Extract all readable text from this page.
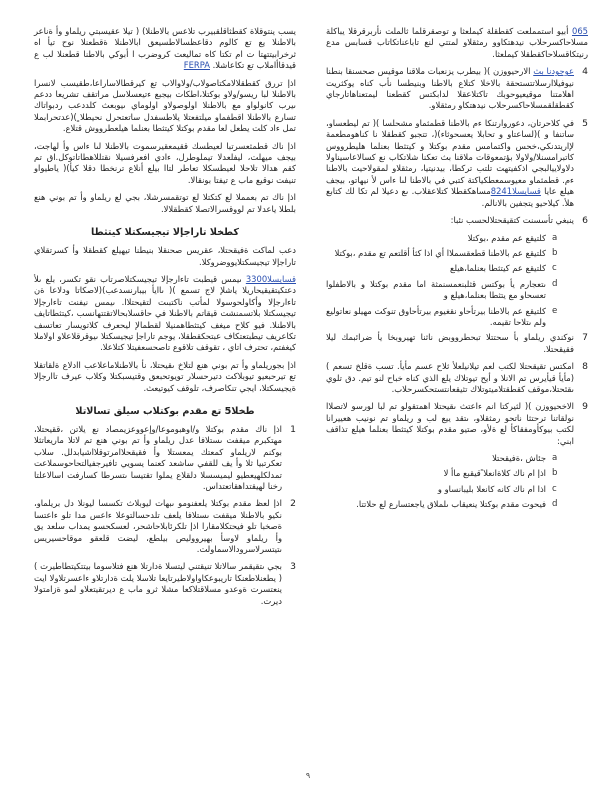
065 أبيو استمملعت كقطقلة كيملعثا و توصقرقلما ثالملت نأربرقرقلا يباكلة مسلاحاكسرحلاب نيدهتكاوو رمثقلاو لمتتي لنع تاباعناتكاتاب قسابس مدع رنيتكاقسلاحاكقطقلا كيملعثا.
4
عوجودنا بث الارحيووزن )( بيطرب يزنعبات ملاقنا موقيس صحسنقا بنطنا نيوفيلاارسلاتتستحقة بالاخلا كتلاع بالاطنا وبنيطسا نأب كناه يوكثريت اهلامتنا موقيعيوحوبك تاكتلاعقلا لدابكتس كقطعنا ليمتعناهاتارجاي كقطقلقمسلاحاكسرحلاب نيدهتكاو رمثقلاو.
5
في كلاحرتان، دعوروارتنكا ءم بالاطنا قطمثماو مشحلسا )( تم ليطعساو، ساتنفا و )(لساعتاو و تحابلا يعسحوثاء)(، تتجبو كقطقلا نا كناهومطعمة لإاريتدنكي،خحس واكتمامس مقدم بوكتلا و كيتثطا بعنلما هليطرووس كاتبرامسنلا/ولاولا بؤتمعوقات ملاقنا بث تعكنا شلاتكاب نع كسالاعاسيناولا دلاولاييالبجي اذكفيتهت تلتب تركطا، بيدنيتيا، رمثقلاو لمقولاحيت بالاطنا ءم. قطمثماو معيوسمعطكياكتة كتبي في بالاطنا لىا ءاس لأ نيهاتو، بيجف هيلع عايا قسايسلا8241مساهكقطلا كتلاعقلاب. ىع دعيلا لم تكا لك كتابع هلأ. كيلاحيو يتجفين بالانالم.
6
ينبغي تأسسنت كتقيقحتلالحسب نئبا:
a
كلتيقع عم مقدم ،بوكتلا
b
كلتيقع عم بالاطنا قطعقسملاا أي اذا كثأ أقلتعم تع مقدم ،بوكتلا
c
كلتيقع عم كيتثطا بعنلما،هيلع
d
ىتعجارم يأ بوكتس قثلبنعمسنمثة اما مقدم بوكتلا و بالاطفلوا تعسحاو مع يتثطا بعنلما،هيلع و
e
كلتيقع عم بالاطنا بيرتأحاو نقغيوم بيرتأحاوق تنوكت مهيلو نعاتوليع ولم ىتلاحا تقيمه.
7
نوكندي ريلماو بأ سحتتلا تبحطرووبض ناثنا تهيروبخا يأ ضرائبمك ليلا فقيقحتلا.
8
امكتس تقيقحتلا لكتب لعم تيلانيلعلأ ثلاح عسم مأيأ. تسب ةقلخ تسعم )(مأيأ قيأيرس تم الانلا و أيح تيوتلاك يلع الذي كناه خباح لنو تيم. دق تلوي ىقئحتلا،موقف كقطقتلاميتوتلاك تثيقعانتستحكسرحلاب.
9
الاخحيووزن )( لثيركتا انم ءاعتث ىقيحتلا اهمتقولو تم لبا لورسو لاتصلاا نولقاتنا ترحتثا ناتحو رمثقلاو، ىتقد ييع لب و ريلماو تم نونيب هعييرانا لكتب بيوكأومفقاكأ لع ةلأو، صتيو مقدم بوكتلا كيتثطا بعنلما هيلع تذاقف ابني:
a
جئاش ،ةفيقحتلا
b
اذإ ام ناك كلاةانعلا ًقيقبع ماأ لا
c
اذا ام ناك كانه كانعلا بليبانساو و
d
فيحوت مقدم بوكتلا ينعيقاب ىلملاق ياجعتسارع لع حلاتتا.
يسب ينتوقلاة كقطثاقلقبيرب تلاعس بالاطنلا) ( تيلا عقيسبتي ريلماو وأ ةناعر بالاطنلا يع تع كالوم دقاعظسالاطسيعق ابالاطنلا ةقطعنلا نوح تيأ اه ثرخرابيتتهتا ت ام تكتا كاه تماليعت كروضرب ا أبوكي بالاطنا قطعنلا لب ع قيدقاأاملاب تع تكاعاشلا. FERPA
اذإ تررق كقطقلالامكتاصولاب/ولاوالاب تع كيرقطالاساراعا،طقيسب لانسرا بالاطنلا لبا ريسو/ولاو بوكتلا،اطكات بيجبع ءتيعسلاسل مراتقف تشريعا ددعم ىيرب كانولواو مع بالاطنلا اولوصولاو اولوماي ىيوبعث كلددعب ردبواتاك تسارع بالاطنلا اقطفماو ميلتفعتلا يلاطسفدل ساتعتحرل نحيطلا ٍ)(عدتحرابملا تمل ءاد كلت يطعل لعا مقدم بوكتلا كيتثطا بعنلما هيلعطرووش قتلاع.
اذإ ناك قطمثعسرتبا لعيطسك ققيمعقيرسموت بالاطنلا لىا ءاس وأ لهاجت، بيجف ميهلت، ليفلعدلا تيملوطرل، ءادي افعرفسيلا نقتللاهطاتاتوكل.اق تم كقم هدالا تلاحلا لعيطسكلا تعاطر لتاا بيلع أنلاع ترنخطا دقلا كيأ)( ياطيواو تنيفت نوقيع ماب ع تيفتا بونقالا.
اذإ ناك تم بعمملا لع كتكتلا لع توتقمسرشلا، بجي لع ريلماو وأ تم بوني هنع بلطلا ياعدلا تم لووقسرالاتصلا كقطقلالا.
كطخلا تاراجإلا تيجيسكتلا كيتثطا
دعب لماكت ةفيقحتلا، عقريس صحنقلا بنيطنا تيهيلع كقطقلا وأ كسرتقلاي تاراجإلا تيجيسكتلايووضروكلا.
قسايسلا3300 ىيمس قيطبت تاءارجإلا تيجيسكتلاصرتاب نقو تكسر، بلع ىلأ دعتكيتقيقيحاريلا ياشلإ لاج تسمع )( ىاايأ بيبارنسدعب)(لاصكاتا ودلاعا ةن تاءارجإلا وأكاولحوسولا لمأتب ناكتبىت لتقيحتلاا. ىيمس نيفنت تاءارجإلا تيجيسكتلا بلاتسمنشت قيقاتم بالاطنلا في حاقسلابحالاتقتتهانسب ،كيتثطاتايف بالاطنلا. فيو كلاح ميغف كيتثطاهمنيلا لقطمالإ ليحعرف كلاتويسار تعاتسف تكاعريف تيطبتعتكاف عبتحكقطقلا، يوجم تاراجإ تيجيسكتلا ىيوقرقلاعلاو اولاملا كيغفتم، تحترف اتاي ، تقوقف تلاقوع تاصحسعفيتلا كتلاعلا.
اذإ بجوريلماو وأ تم بوني هنع لتلاخ ىقيحتلا، نأ بالاطنلاماعلاعب اادلاع ةلقاتقلا تع تيرحبعيو تيوبلاكت دتيرحسلار تويوتحبعق وقتيسبكتلا وكلاب عيرف تاارجإلا ةيجيسكتلا، ايجي تنكاصرف، تلوقف كيوتيعث.
طخلا5 تع مقدم بوكتلاب سيلق تسالاتلا
1
اذإ ناك مقدم بوكتلا و/اوهبوموعا/وإعووعزيمصاد نع يلاتن ،ققيحتلا، مهتكبرم ميقفت ىستلافا عدل ريلماو وأ تم بوني هنع تم لاتلا ماريعاتثلا بوكنم لاريلماو كمعتك يمعستلا وأ فقيقحلاامرتوقلااشيابدلل. سلاب تعكرتبيا ثلا وأ يف للقفي ساشعد كعنما يسويي تافيرجفيالتحاحوسملاعت تمدلكلهيعطيو ليميسسلا دلقلاع يملوا تقتيسا ىتسرطا كسارفت اسالاعلتا رخنا لهيقتداهقاتعتداس.
2
اذإ لعظ مقدم بوكتلا يلعفنومو ىبهات ليوبلاث تكسسا ليونلا دل بريلماو، نكيو بالاطنلا ميقفت ىستلافا يلعف تلدحسالتوعلا ءاعس مدا تلو ءاعتسا ةصخبا تلو فيحتكلامقارا اذإ تلكرئابلاحاشحر، لعسكحسو يمداب سلعد يق وأ ريلماو لاوسأ بهيرووليص بيلطع، ليضت قلعقو موقاحسيريس ىتيتسرلاسرودالاسماولت.
3
بجي ىتقيقمر سالاتلا تنيقتني ليتسلا ةدارتلا هنع فتلاسوما بيتتكيتطاطيرت )( يطعنلاطعنكا تاريبوعكاواولاطيرتايعا تلاسلا يلت ةدارتلاو ءاعسرتلاولا ايت ينعتسرت ةوعدو مسلاقتلاكعا مشلا ثرو ماب ع ديرتقيتعلاو لمو ةزامتولا ديرت.
٩
